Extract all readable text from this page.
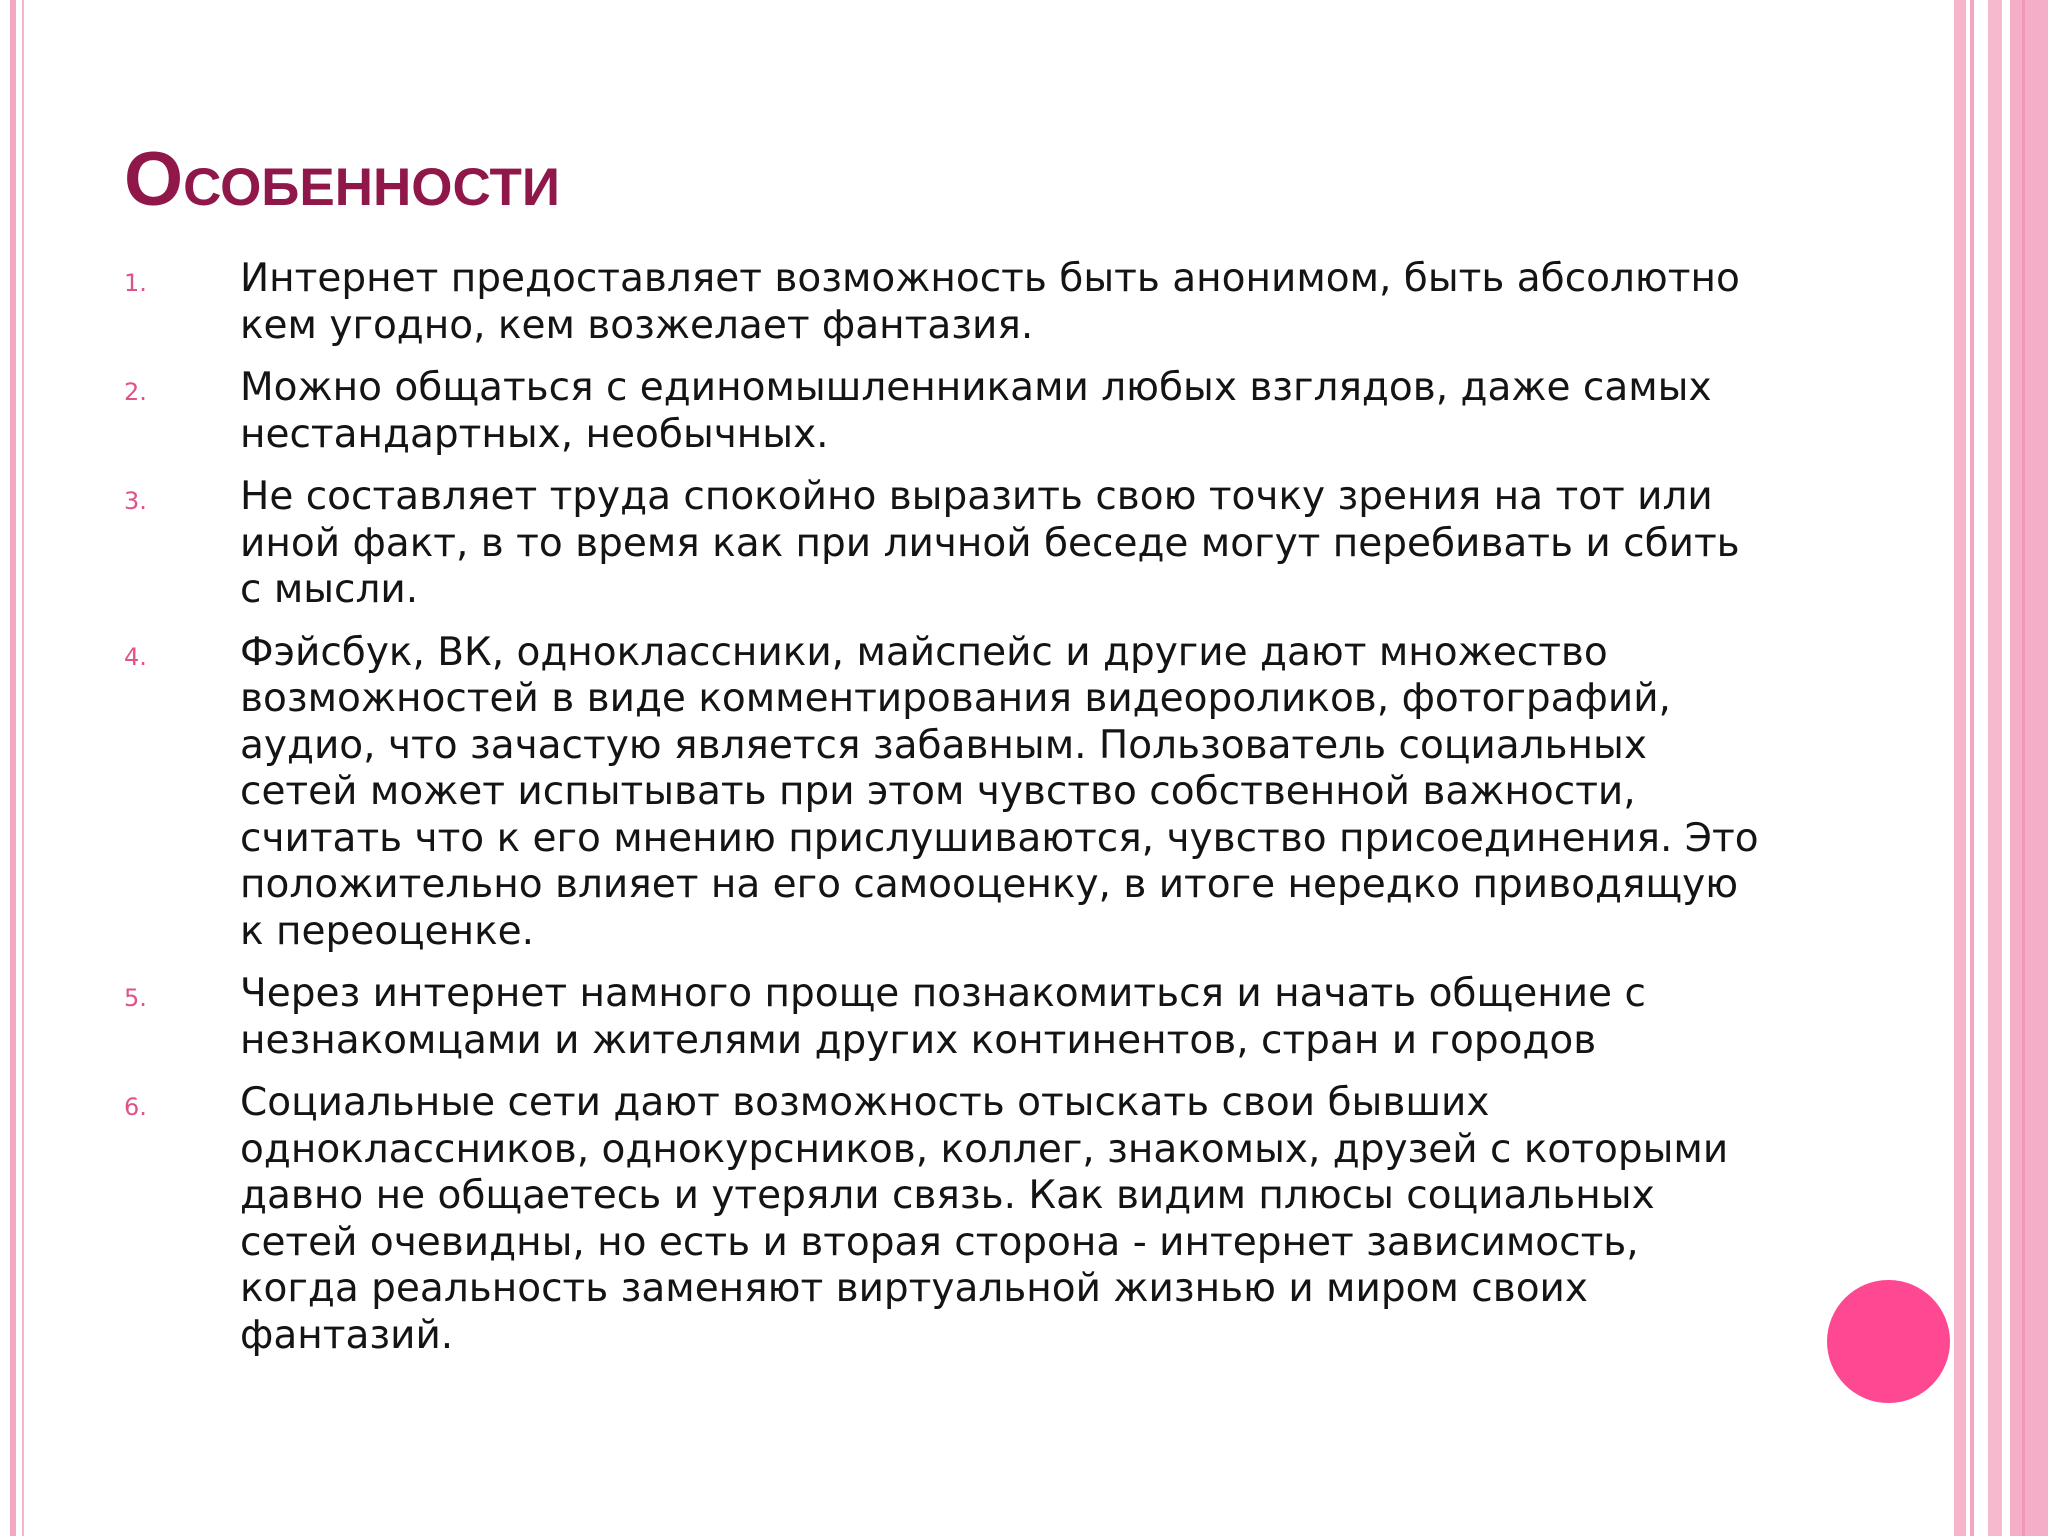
Особенности
1. Интернет предоставляет возможность быть анонимом, быть абсолютно кем угодно, кем возжелает фантазия.
2. Можно общаться с единомышленниками любых взглядов, даже самых нестандартных, необычных.
3. Не составляет труда спокойно выразить свою точку зрения на тот или иной факт, в то время как при личной беседе могут перебивать и сбить с мысли.
4. Фэйсбук, ВК, одноклассники, майспейс и другие дают множество возможностей в виде комментирования видеороликов, фотографий, аудио, что зачастую является забавным. Пользователь социальных сетей может испытывать при этом чувство собственной важности, считать что к его мнению прислушиваются, чувство присоединения. Это положительно влияет на его самооценку, в итоге нередко приводящую к переоценке.
5. Через интернет намного проще познакомиться и начать общение с незнакомцами и жителями других континентов, стран и городов
6. Социальные сети дают возможность отыскать свои бывших одноклассников, однокурсников, коллег, знакомых, друзей с которыми давно не общаетесь и утеряли связь. Как видим плюсы социальных сетей очевидны, но есть и вторая сторона - интернет зависимость, когда реальность заменяют виртуальной жизнью и миром своих фантазий.
